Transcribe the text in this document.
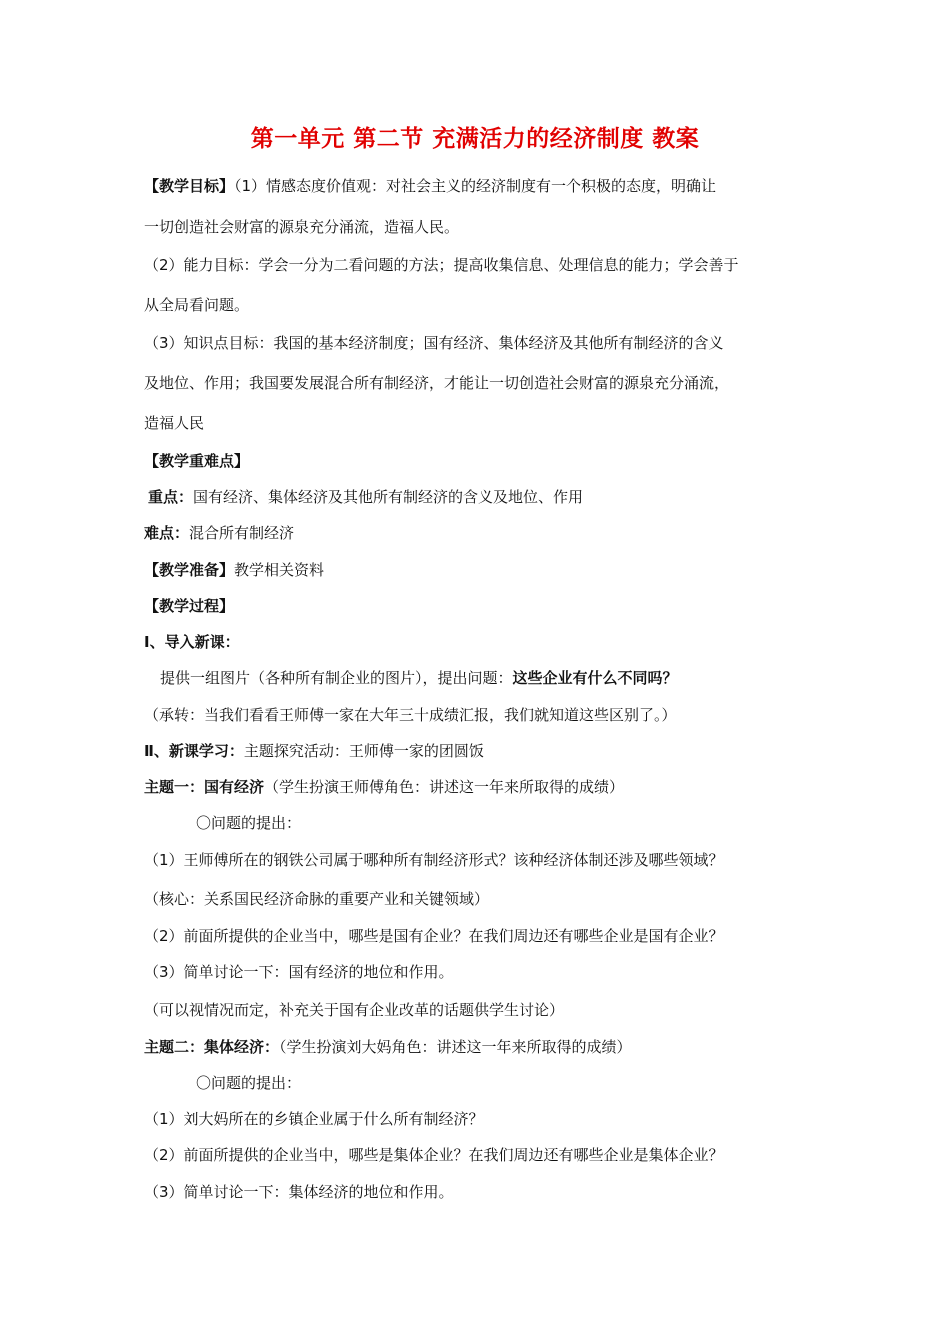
第一单元 第二节 充满活力的经济制度 教案
【教学目标】（1）情感态度价值观：对社会主义的经济制度有一个积极的态度，明确让
一切创造社会财富的源泉充分涌流，造福人民。
（2）能力目标：学会一分为二看问题的方法；提高收集信息、处理信息的能力；学会善于
从全局看问题。
（3）知识点目标：我国的基本经济制度；国有经济、集体经济及其他所有制经济的含义
及地位、作用；我国要发展混合所有制经济，才能让一切创造社会财富的源泉充分涌流，
造福人民
【教学重难点】
重点：国有经济、集体经济及其他所有制经济的含义及地位、作用
难点：混合所有制经济
【教学准备】教学相关资料
【教学过程】
Ⅰ、导入新课：
提供一组图片（各种所有制企业的图片），提出问题：这些企业有什么不同吗？
（承转：当我们看看王师傅一家在大年三十成绩汇报，我们就知道这些区别了。）
Ⅱ、新课学习：主题探究活动：王师傅一家的团圆饭
主题一：国有经济（学生扮演王师傅角色：讲述这一年来所取得的成绩）
〇问题的提出：
（1）王师傅所在的钢铁公司属于哪种所有制经济形式？该种经济体制还涉及哪些领域？
（核心：关系国民经济命脉的重要产业和关键领域）
（2）前面所提供的企业当中，哪些是国有企业？在我们周边还有哪些企业是国有企业？
（3）简单讨论一下：国有经济的地位和作用。
（可以视情况而定，补充关于国有企业改革的话题供学生讨论）
主题二：集体经济：（学生扮演刘大妈角色：讲述这一年来所取得的成绩）
〇问题的提出：
（1）刘大妈所在的乡镇企业属于什么所有制经济？
（2）前面所提供的企业当中，哪些是集体企业？在我们周边还有哪些企业是集体企业？
（3）简单讨论一下：集体经济的地位和作用。
